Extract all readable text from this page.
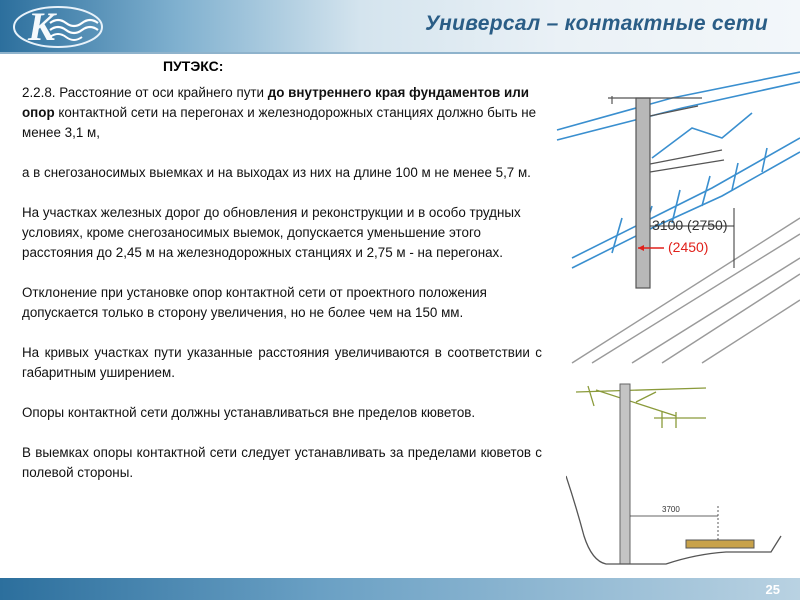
К	Универсал – контактные сети
ПУТЭКС:

2.2.8. Расстояние от оси крайнего пути до внутреннего края фундаментов или опор контактной сети на перегонах и железнодорожных станциях должно быть не менее 3,1 м,

а в снегозаносимых выемках и на выходах из них на длине 100 м не менее 5,7 м.

На участках железных дорог до обновления и реконструкции и в особо трудных условиях, кроме снегозаносимых выемок, допускается уменьшение этого расстояния до 2,45 м на железнодорожных станциях и 2,75 м - на перегонах.

Отклонение при установке опор контактной сети от проектного положения допускается только в сторону увеличения, но не более чем на 150 мм.

На кривых участках пути указанные расстояния увеличиваются в соответствии с габаритным уширением.

Опоры контактной сети должны устанавливаться вне пределов кюветов.

В выемках опоры контактной сети следует устанавливать за пределами кюветов с полевой стороны.

3100 (2750)
(2450)
3700
25
